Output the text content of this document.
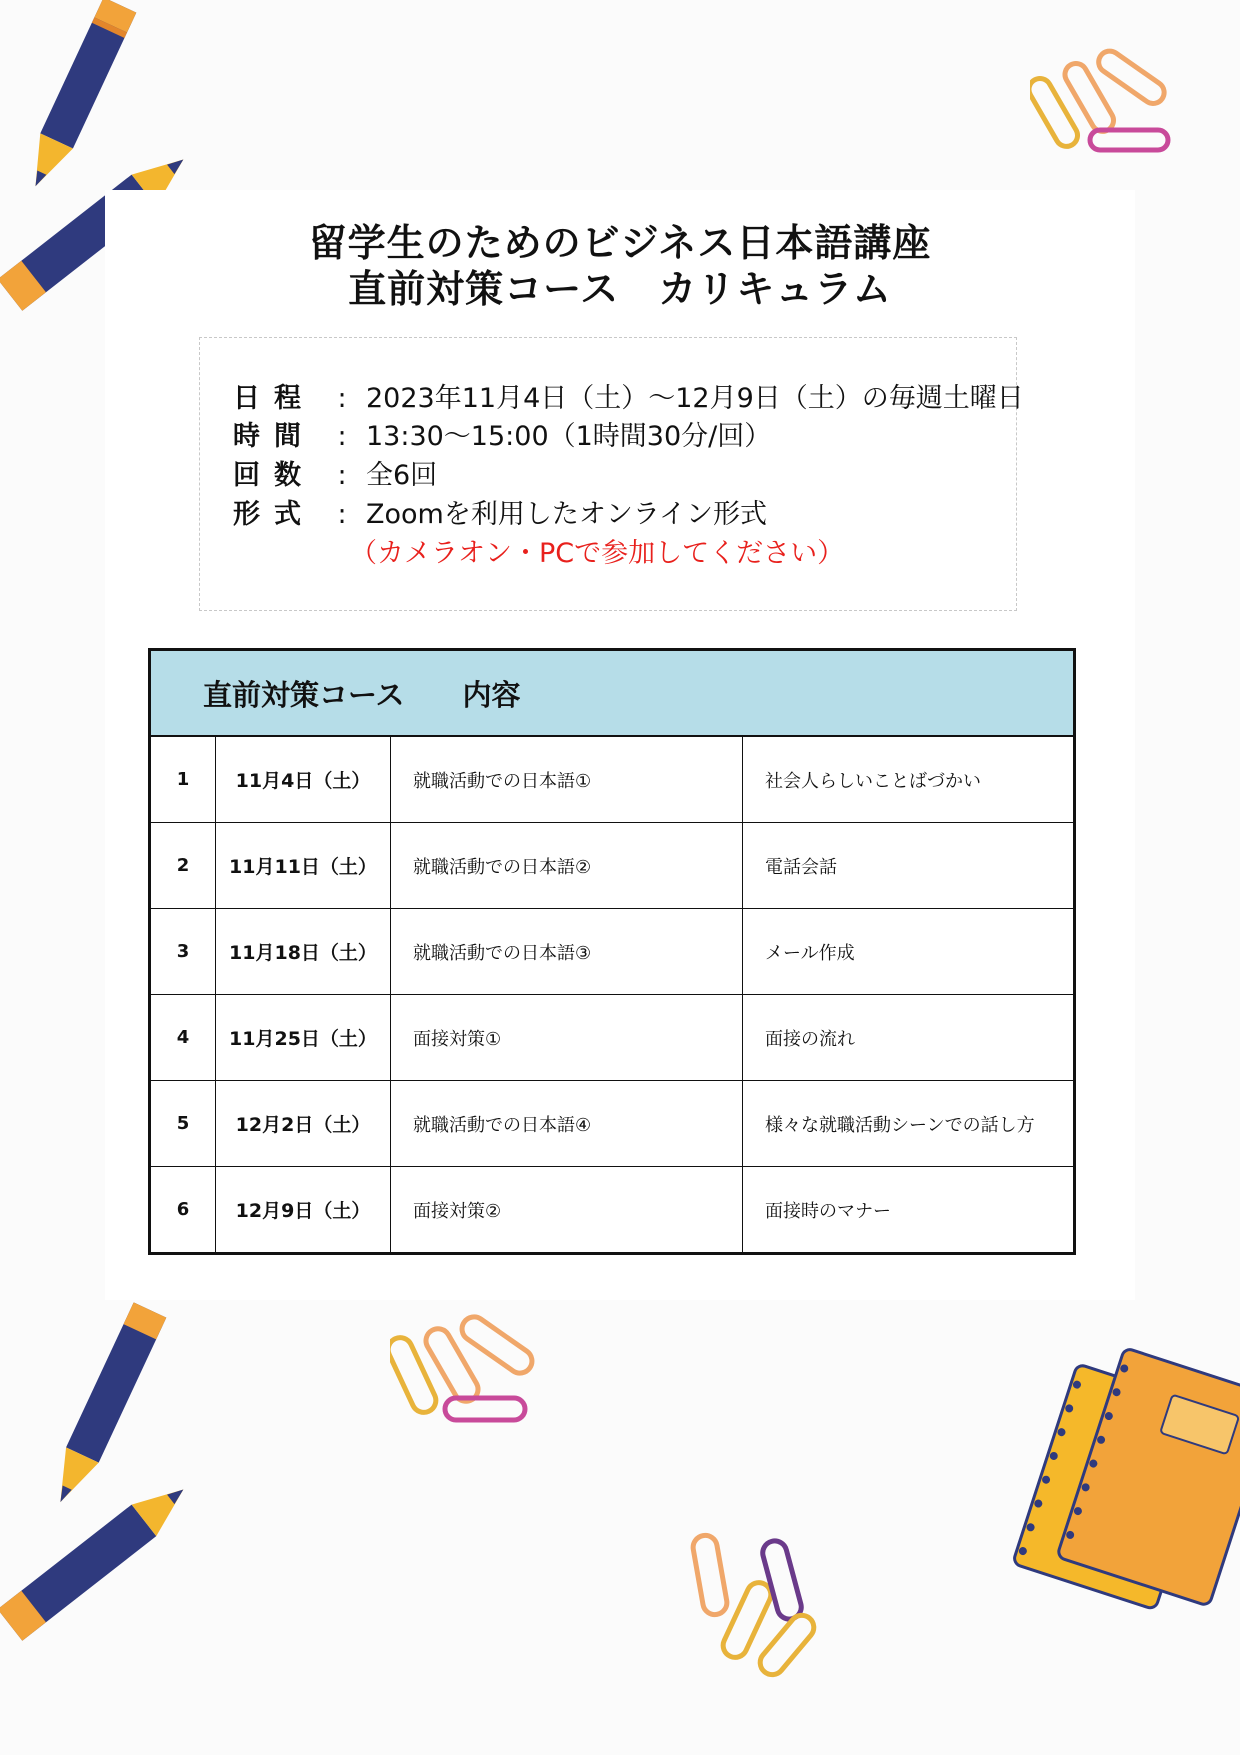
留学生のためのビジネス日本語講座
直前対策コース　カリキュラム
日程 : 2023年11月4日（土）〜12月9日（土）の毎週土曜日
時間 : 13:30〜15:00（1時間30分/回）
回数 : 全6回
形式 : Zoomを利用したオンライン形式
（カメラオン・PCで参加してください）
直前対策コース　　内容			
1	11月4日（土）	就職活動での日本語①	社会人らしいことばづかい
2	11月11日（土）	就職活動での日本語②	電話会話
3	11月18日（土）	就職活動での日本語③	メール作成
4	11月25日（土）	面接対策①	面接の流れ
5	12月2日（土）	就職活動での日本語④	様々な就職活動シーンでの話し方
6	12月9日（土）	面接対策②	面接時のマナー
